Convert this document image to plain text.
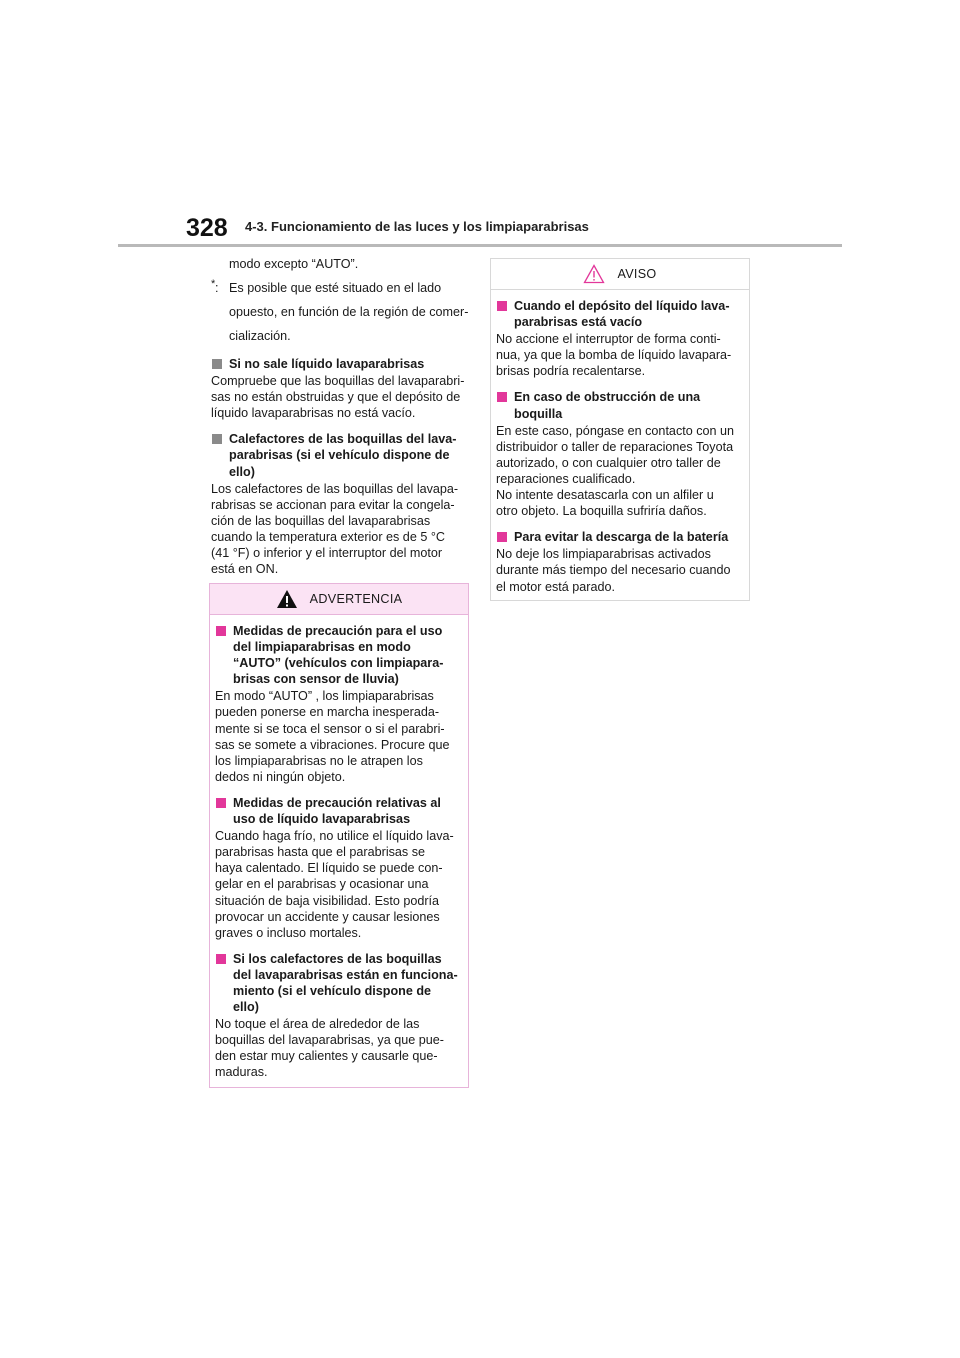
328 4-3. Funcionamiento de las luces y los limpiaparabrisas

modo excepto “AUTO”.

* : Es posible que esté situado en el lado
opuesto, en función de la región de comer-
cialización.
Si no sale líquido lavaparabrisas

Compruebe que las boquillas del lavaparabri-

sas no están obstruidas y que el depósito de

líquido lavaparabrisas no está vacío.

Calefactores de las boquillas del lava-
parabrisas (si el vehículo dispone de
ello)

Los calefactores de las boquillas del lavapa-

rabrisas se accionan para evitar la congela-

ción de las boquillas del lavaparabrisas

cuando la temperatura exterior es de 5 °C

(41 °F) o inferior y el interruptor del motor

está en ON.

ADVERTENCIA
Medidas de precaución para el uso
del limpiaparabrisas en modo
“AUTO” (vehículos con limpiapara-
brisas con sensor de lluvia)

En modo “AUTO” , los limpiaparabrisas

pueden ponerse en marcha inesperada-

mente si se toca el sensor o si el parabri-

sas se somete a vibraciones. Procure que

los limpiaparabrisas no le atrapen los

dedos ni ningún objeto.

Medidas de precaución relativas al
uso de líquido lavaparabrisas

Cuando haga frío, no utilice el líquido lava-

parabrisas hasta que el parabrisas se

haya calentado. El líquido se puede con-

gelar en el parabrisas y ocasionar una

situación de baja visibilidad. Esto podría

provocar un accidente y causar lesiones

graves o incluso mortales.

Si los calefactores de las boquillas
del lavaparabrisas están en funciona-
miento (si el vehículo dispone de
ello)

No toque el área de alrededor de las

boquillas del lavaparabrisas, ya que pue-

den estar muy calientes y causarle que-

maduras.

AVISO
Cuando el depósito del líquido lava-
parabrisas está vacío

No accione el interruptor de forma conti-

nua, ya que la bomba de líquido lavapara-

brisas podría recalentarse.

En caso de obstrucción de una
boquilla

En este caso, póngase en contacto con un

distribuidor o taller de reparaciones Toyota

autorizado, o con cualquier otro taller de

reparaciones cualificado.

No intente desatascarla con un alfiler u

otro objeto. La boquilla sufriría daños.

Para evitar la descarga de la batería

No deje los limpiaparabrisas activados

durante más tiempo del necesario cuando

el motor está parado.
